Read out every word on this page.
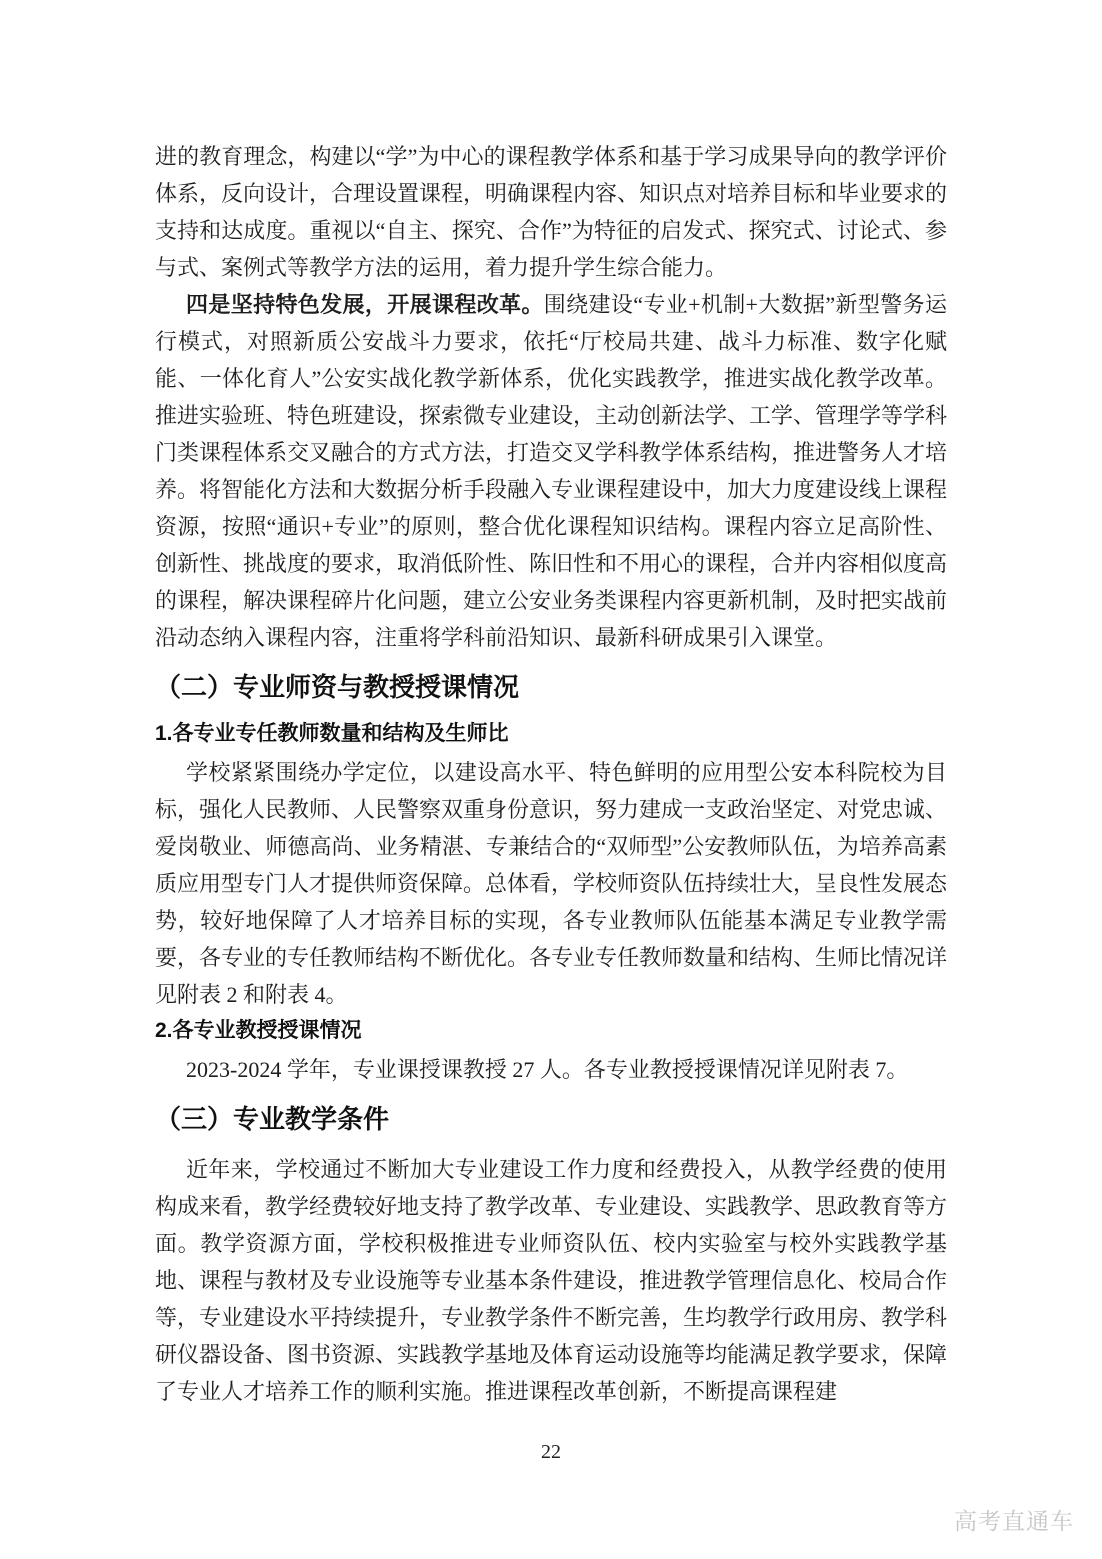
进的教育理念，构建以“学”为中心的课程教学体系和基于学习成果导向的教学评价体系，反向设计，合理设置课程，明确课程内容、知识点对培养目标和毕业要求的支持和达成度。重视以“自主、探究、合作”为特征的启发式、探究式、讨论式、参与式、案例式等教学方法的运用，着力提升学生综合能力。

四是坚持特色发展，开展课程改革。围绕建设“专业+机制+大数据”新型警务运行模式，对照新质公安战斗力要求，依托“厅校局共建、战斗力标准、数字化赋能、一体化育人”公安实战化教学新体系，优化实践教学，推进实战化教学改革。推进实验班、特色班建设，探索微专业建设，主动创新法学、工学、管理学等学科门类课程体系交叉融合的方式方法，打造交叉学科教学体系结构，推进警务人才培养。将智能化方法和大数据分析手段融入专业课程建设中，加大力度建设线上课程资源，按照“通识+专业”的原则，整合优化课程知识结构。课程内容立足高阶性、创新性、挑战度的要求，取消低阶性、陈旧性和不用心的课程，合并内容相似度高的课程，解决课程碎片化问题，建立公安业务类课程内容更新机制，及时把实战前沿动态纳入课程内容，注重将学科前沿知识、最新科研成果引入课堂。

（二）专业师资与教授授课情况
1.各专业专任教师数量和结构及生师比

学校紧紧围绕办学定位，以建设高水平、特色鲜明的应用型公安本科院校为目标，强化人民教师、人民警察双重身份意识，努力建成一支政治坚定、对党忠诚、爱岗敬业、师德高尚、业务精湛、专兼结合的“双师型”公安教师队伍，为培养高素质应用型专门人才提供师资保障。总体看，学校师资队伍持续壮大，呈良性发展态势，较好地保障了人才培养目标的实现，各专业教师队伍能基本满足专业教学需要，各专业的专任教师结构不断优化。各专业专任教师数量和结构、生师比情况详见附表 2 和附表 4。

2.各专业教授授课情况

2023-2024 学年，专业课授课教授 27 人。各专业教授授课情况详见附表 7。

（三）专业教学条件

近年来，学校通过不断加大专业建设工作力度和经费投入，从教学经费的使用构成来看，教学经费较好地支持了教学改革、专业建设、实践教学、思政教育等方面。教学资源方面，学校积极推进专业师资队伍、校内实验室与校外实践教学基地、课程与教材及专业设施等专业基本条件建设，推进教学管理信息化、校局合作等，专业建设水平持续提升，专业教学条件不断完善，生均教学行政用房、教学科研仪器设备、图书资源、实践教学基地及体育运动设施等均能满足教学要求，保障了专业人才培养工作的顺利实施。推进课程改革创新，不断提高课程建

22
高考直通车
